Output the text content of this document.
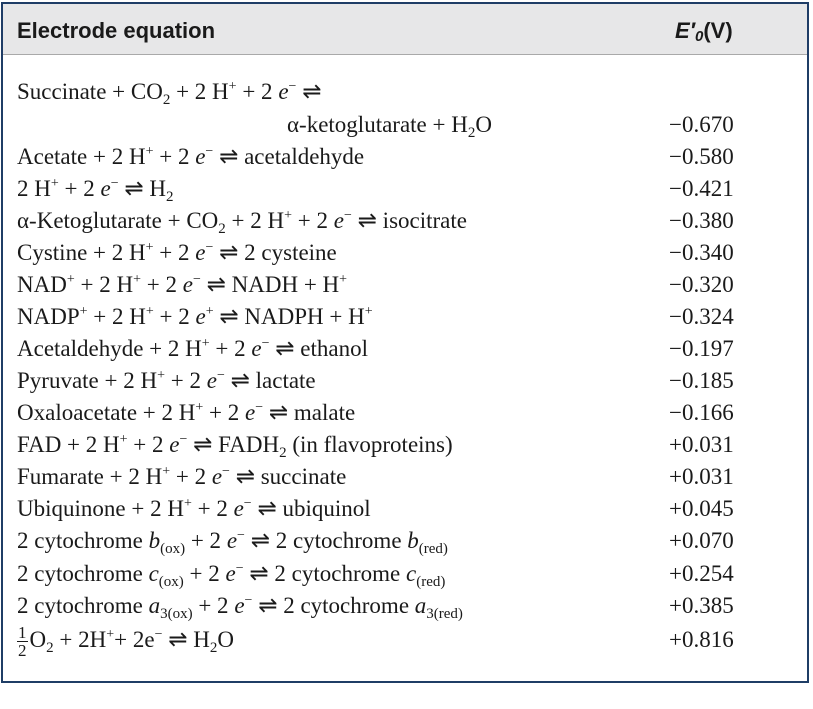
Electrode equation	$E'_0(V)$
Succinate + $CO_2 + 2$ H+ + 2 e− ⇌
α-ketoglutarate + $H_2O$	−0.670
Acetate + 2 H+ + 2 e− ⇌ acetaldehyde	−0.580
2 H+ + 2 e− ⇌ $H_2$	−0.421
α-Ketoglutarate + $CO_2 + 2$ H+ + 2 e− ⇌ isocitrate	−0.380
Cystine + 2 H+ + 2 e− ⇌ 2 cysteine	−0.340
NAD+ + 2 H+ + 2 e− ⇌ NADH + H+	−0.320
NADP+ + 2 H+ + 2 e+ ⇌ NADPH + H+	−0.324
Acetaldehyde + 2 H+ + 2 e− ⇌ ethanol	−0.197
Pyruvate + 2 H+ + 2 e− ⇌ lactate	−0.185
Oxaloacetate + 2 H+ + 2 e− ⇌ malate	−0.166
FAD + 2 H+ + 2 e− ⇌ $FADH_2$ (in flavoproteins)	+0.031
Fumarate + 2 H+ + 2 e− ⇌ succinate	+0.031
Ubiquinone + 2 H+ + 2 e− ⇌ ubiquinol	+0.045
2 cytochrome $b_{(ox)} + 2$ e− ⇌ 2 cytochrome $b_{(red)}$	+0.070
2 cytochrome $c_{(ox)} + 2$ e− ⇌ 2 cytochrome $c_{(red)}$	+0.254
2 cytochrome $a_{3(ox)} + 2$ e− ⇌ 2 cytochrome $a_{3(red)}$	+0.385
$\frac{1}{2} O_2 + 2H^++ 2e^-$ ⇌ $H_2O$	+0.816
